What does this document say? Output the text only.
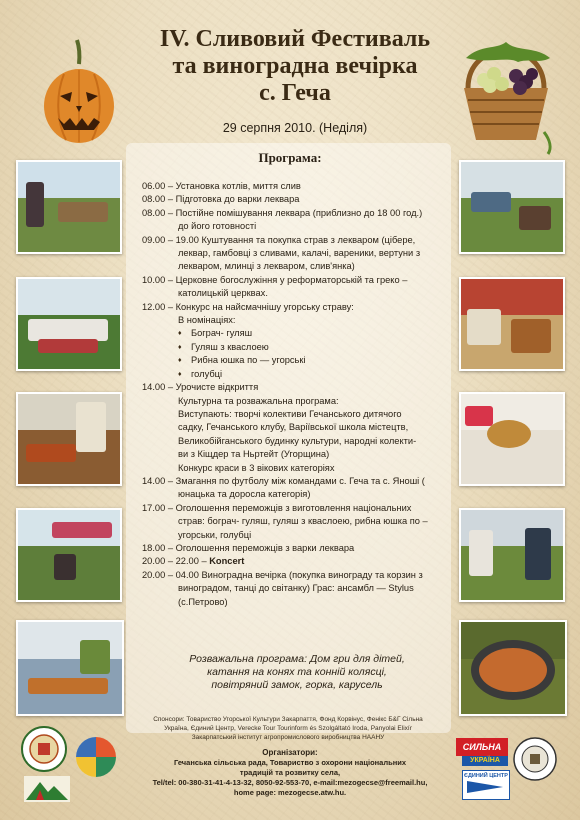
IV. Сливовий Фестиваль
та виноградна вечірка
с. Геча
29 серпня 2010. (Неділя)
Програма:
06.00 – Установка котлів, миття слив
08.00 – Підготовка до варки леквара
08.00 – Постійне помішування леквара (приблизно до 18 00 год.)
до його готовності
09.00 – 19.00 Куштування та покупка страв з лекваром (цібере,
леквар, гамбовці з сливами, калачі, вареники, вертуни з
лекваром, млинці з лекваром, слив'янка)
10.00 – Церковне богослужіння у реформаторській та греко –
католицькій церквах.
12.00 – Конкурс на найсмачнішу угорську страву:
В номінаціях:
♦ Бограч- гуляш
♦ Гуляш з кваслоею
♦ Рибна юшка по — угорськi
♦ голубці
14.00 – Урочисте відкриття
Культурна та розважальна програма:
Виступають: творчі колективи Гечанського дитячого
садку, Гечанського клубу, Варіївської школа містецтв,
Великобійганського будинку культури, народні колекти-
ви з Кіщдер та Ньртейт (Угорщина)
Конкурс краси в 3 вікових категоріях
14.00 – Змагання по футболу між командами с. Геча та с. Яноші (
юнацька та доросла категорія)
17.00 – Оголошення переможців з виготовлення національних
страв: бограч- гуляш, гуляш з кваслоею, рибна юшка по –
угорськи, голубці
18.00 – Оголошення переможців з варки леквара
20.00 – 22.00 – Koncert
20.00 – 04.00 Виноградна вечірка (покупка винограду та корзин з
виноградом, танці до світанку) Грас: ансамбл — Stylus
(с.Петрово)
Розважальна програма: Дом гри для дітей,
катання на конях та конній колясці,
повітряний замок, горка, карусель
Спонсори: Товариство Угорської Культури Закарпаття, Фонд Корвінус, Фенікс Б&Г Сільна
Україна, Єдиний Центр, Verecke Tour Tourinform és Szolgáltató Iroda, Panyolai Elixír
Закарпатський інститут агропромислового виробництва НААНУ
Організатори:
Гечанська сільська рада, Товариство з охорони національних
традицій та розвитку села,
Tel/tel: 00-380-31-41-4-13-32, 8050-92-553-70, e-mail:mezogecse@freemail.hu,
home page: mezogecse.atw.hu.
СИЛЬНА
УКРАЇНА
ЄДИНИЙ ЦЕНТР
